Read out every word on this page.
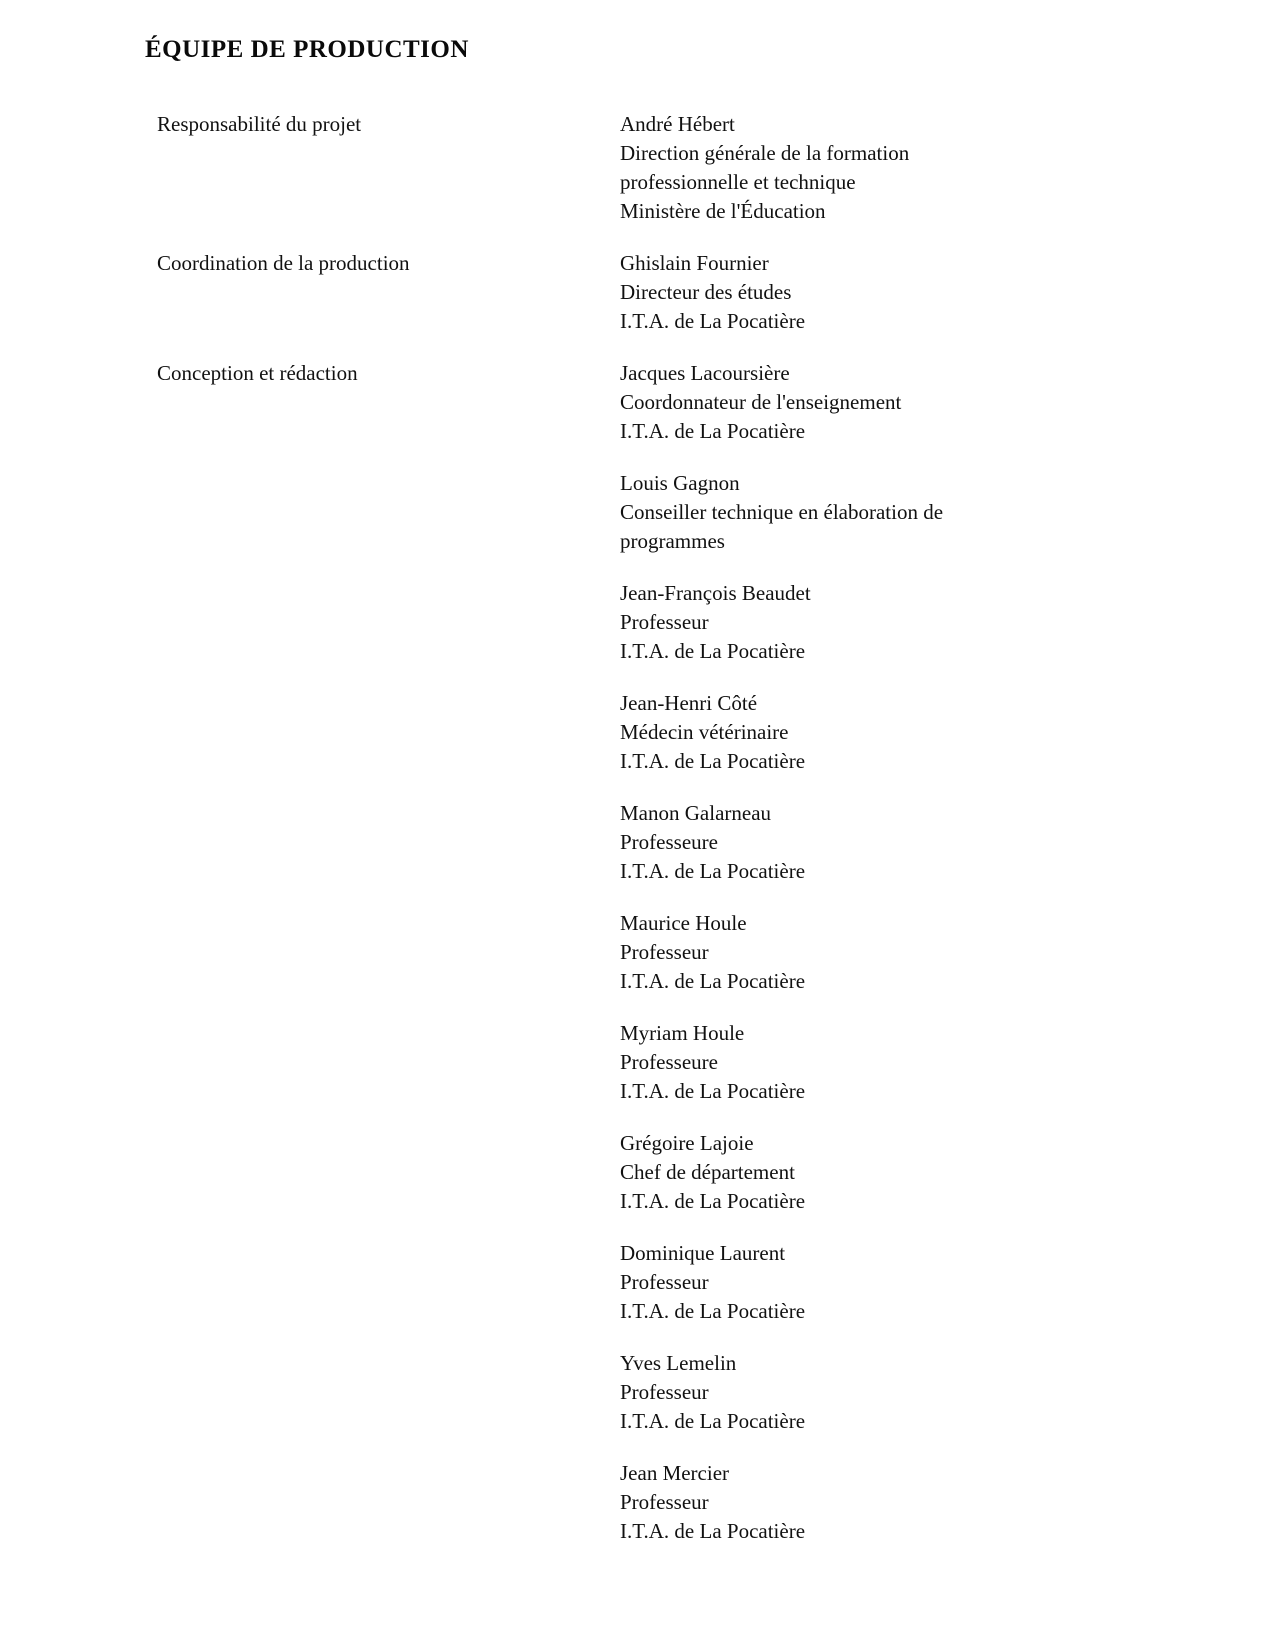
ÉQUIPE DE PRODUCTION
Responsabilité du projet	André Hébert
Direction générale de la formation
professionnelle et technique
Ministère de l'Éducation
Coordination de la production	Ghislain Fournier
Directeur des études
I.T.A. de La Pocatière
Conception et rédaction	Jacques Lacoursière
Coordonnateur de l'enseignement
I.T.A. de La Pocatière
Louis Gagnon
Conseiller technique en élaboration de
programmes
Jean-François Beaudet
Professeur
I.T.A. de La Pocatière
Jean-Henri Côté
Médecin vétérinaire
I.T.A. de La Pocatière
Manon Galarneau
Professeure
I.T.A. de La Pocatière
Maurice Houle
Professeur
I.T.A. de La Pocatière
Myriam Houle
Professeure
I.T.A. de La Pocatière
Grégoire Lajoie
Chef de département
I.T.A. de La Pocatière
Dominique Laurent
Professeur
I.T.A. de La Pocatière
Yves Lemelin
Professeur
I.T.A. de La Pocatière
Jean Mercier
Professeur
I.T.A. de La Pocatière
